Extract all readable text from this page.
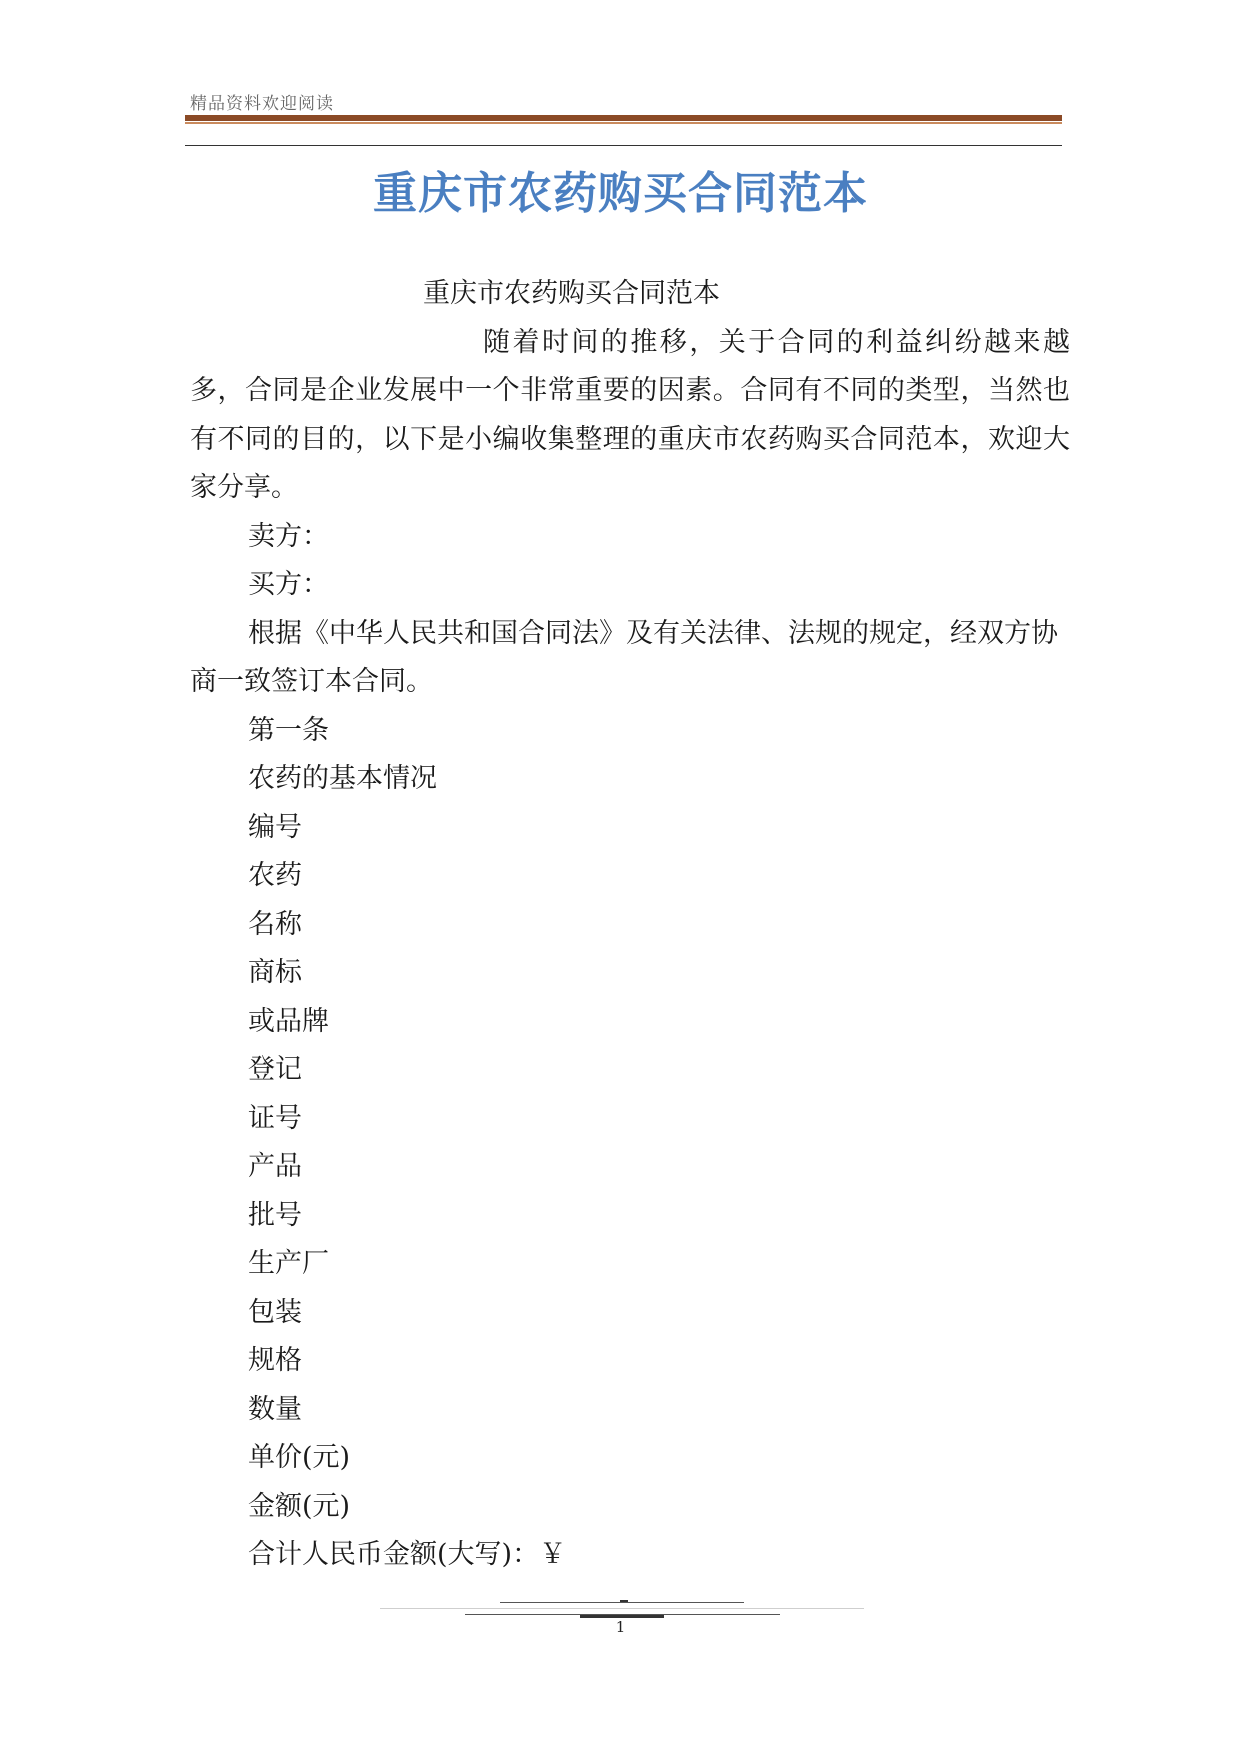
精品资料欢迎阅读
重庆市农药购买合同范本

重庆市农药购买合同范本

随着时间的推移，关于合同的利益纠纷越来越多，合同是企业发展中一个非常重要的因素。合同有不同的类型，当然也有不同的目的，以下是小编收集整理的重庆市农药购买合同范本，欢迎大家分享。

卖方：

买方：

根据《中华人民共和国合同法》及有关法律、法规的规定，经双方协商一致签订本合同。

第一条

农药的基本情况

编号

农药

名称

商标

或品牌

登记

证号

产品

批号

生产厂

包装

规格

数量

单价(元)

金额(元)

合计人民币金额(大写)：￥

1
